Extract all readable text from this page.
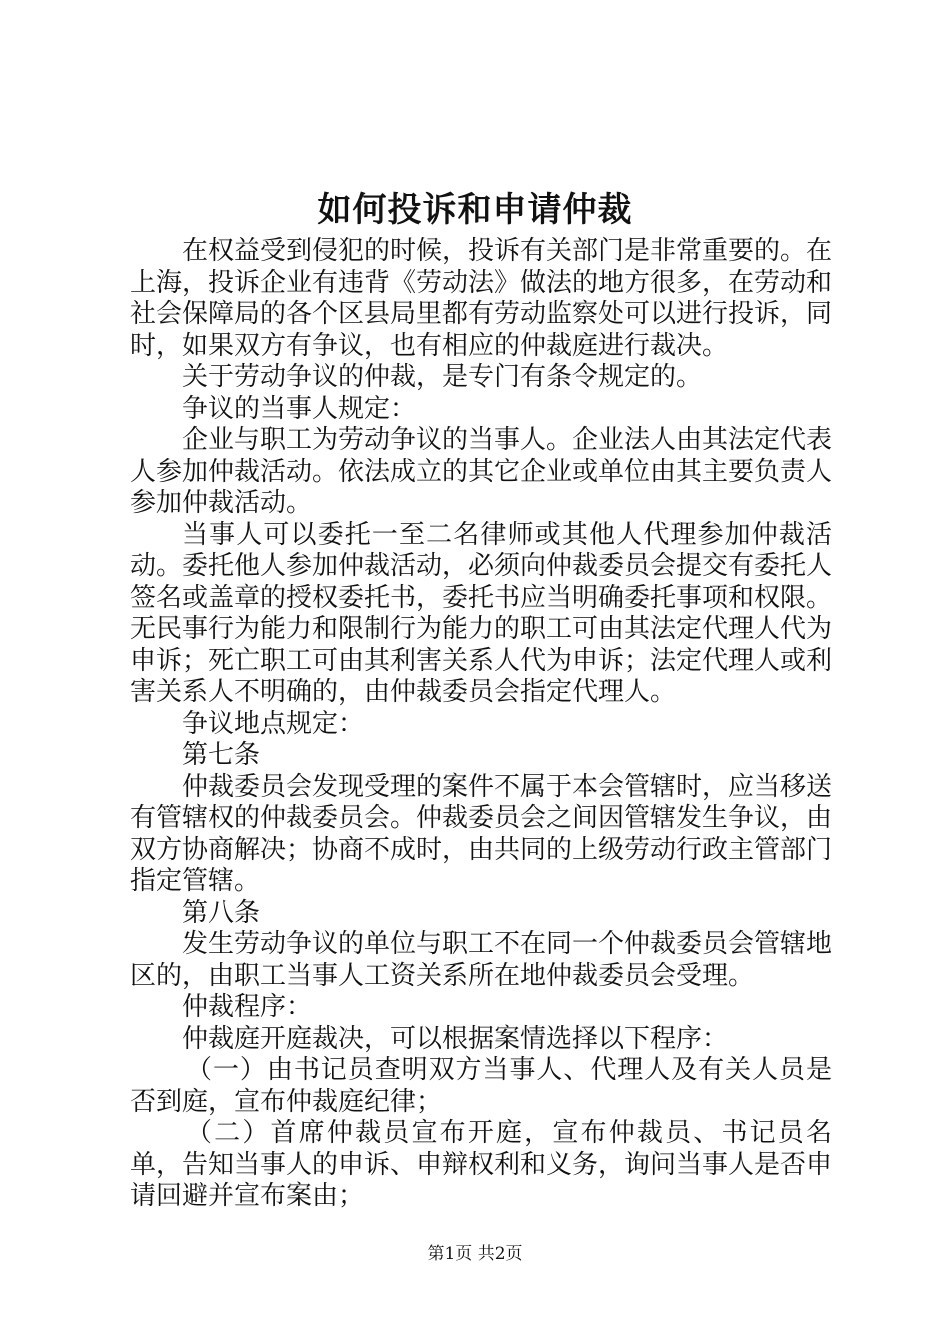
如何投诉和申请仲裁

在权益受到侵犯的时候，投诉有关部门是非常重要的。在上海，投诉企业有违背《劳动法》做法的地方很多，在劳动和社会保障局的各个区县局里都有劳动监察处可以进行投诉，同时，如果双方有争议，也有相应的仲裁庭进行裁决。

关于劳动争议的仲裁，是专门有条令规定的。

争议的当事人规定：

企业与职工为劳动争议的当事人。企业法人由其法定代表人参加仲裁活动。依法成立的其它企业或单位由其主要负责人参加仲裁活动。

当事人可以委托一至二名律师或其他人代理参加仲裁活动。委托他人参加仲裁活动，必须向仲裁委员会提交有委托人签名或盖章的授权委托书，委托书应当明确委托事项和权限。无民事行为能力和限制行为能力的职工可由其法定代理人代为申诉；死亡职工可由其利害关系人代为申诉；法定代理人或利害关系人不明确的，由仲裁委员会指定代理人。

争议地点规定：

第七条

仲裁委员会发现受理的案件不属于本会管辖时，应当移送有管辖权的仲裁委员会。仲裁委员会之间因管辖发生争议，由双方协商解决；协商不成时，由共同的上级劳动行政主管部门指定管辖。

第八条

发生劳动争议的单位与职工不在同一个仲裁委员会管辖地区的，由职工当事人工资关系所在地仲裁委员会受理。

仲裁程序：

仲裁庭开庭裁决，可以根据案情选择以下程序：

（一）由书记员查明双方当事人、代理人及有关人员是否到庭，宣布仲裁庭纪律；

（二）首席仲裁员宣布开庭，宣布仲裁员、书记员名单，告知当事人的申诉、申辩权利和义务，询问当事人是否申请回避并宣布案由；

第1页 共2页
